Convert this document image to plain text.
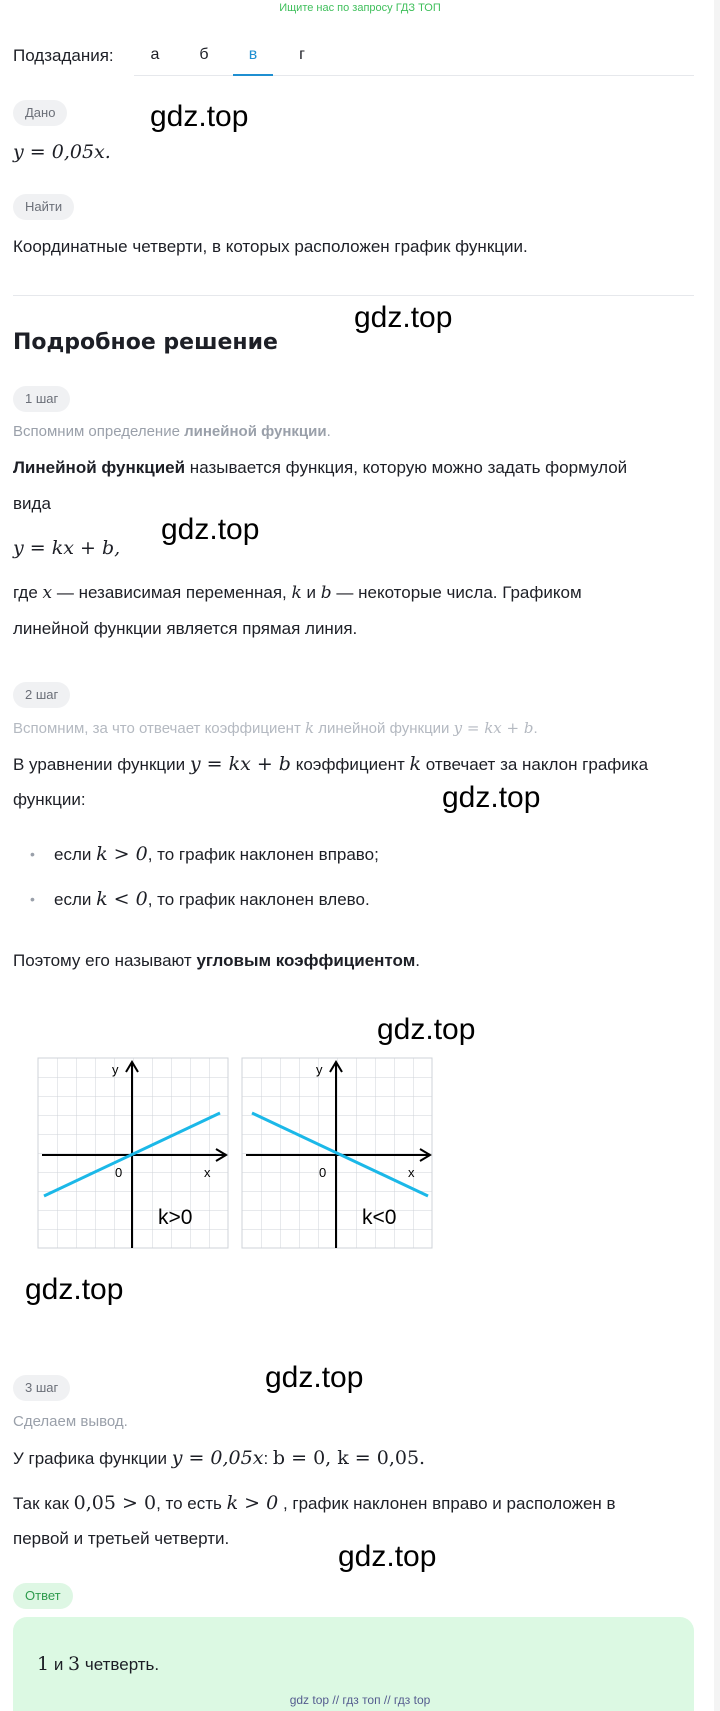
Ищите нас по запросу ГДЗ ТОП
Подзадания:	а	б	в	г
Дано
y = 0,05x.
Найти
Координатные четверти, в которых расположен график функции.
Подробное решение
1 шаг
Вспомним определение линейной функции.
Линейной функцией называется функция, которую можно задать формулой
вида
y = kx + b,
где x — независимая переменная, k и b — некоторые числа. Графиком
линейной функции является прямая линия.
2 шаг
Вспомним, за что отвечает коэффициент k линейной функции y = kx + b.
В уравнении функции y = kx + b коэффициент k отвечает за наклон графика
функции:
• если k > 0, то график наклонен вправо;
• если k < 0, то график наклонен влево.
Поэтому его называют угловым коэффициентом.
y
x
0
k>0
y
x
0
k<0
3 шаг
Сделаем вывод.
У графика функции y = 0,05x: b = 0, k = 0,05.
Так как 0,05 > 0, то есть k > 0 , график наклонен вправо и расположен в
первой и третьей четверти.
Ответ
1 и 3 четверть.
gdz.top
gdz.top
gdz.top
gdz.top
gdz.top
gdz.top
gdz.top
gdz.top
gdz top // гдз топ // гдз top
